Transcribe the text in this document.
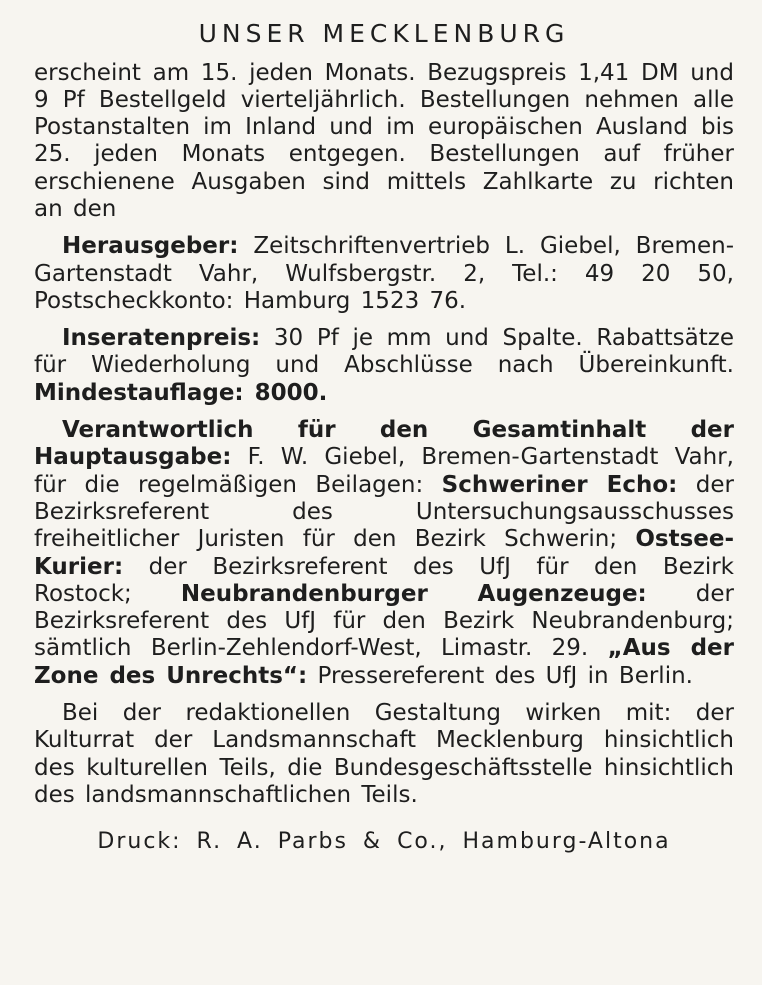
UNSER MECKLENBURG

erscheint am 15. jeden Monats. Bezugspreis 1,41 DM und 9 Pf Bestellgeld vierteljährlich. Bestellungen nehmen alle Postanstalten im Inland und im europäischen Ausland bis 25. jeden Monats entgegen. Bestellungen auf früher erschienene Ausgaben sind mittels Zahlkarte zu richten an den

Herausgeber: Zeitschriftenvertrieb L. Giebel, Bremen-Gartenstadt Vahr, Wulfsbergstr. 2, Tel.: 49 20 50, Postscheckkonto: Hamburg 1523 76.

Inseratenpreis: 30 Pf je mm und Spalte. Rabattsätze für Wiederholung und Abschlüsse nach Übereinkunft. Mindestauflage: 8000.

Verantwortlich für den Gesamtinhalt der Hauptausgabe: F. W. Giebel, Bremen-Gartenstadt Vahr, für die regelmäßigen Beilagen: Schweriner Echo: der Bezirksreferent des Untersuchungsausschusses freiheitlicher Juristen für den Bezirk Schwerin; Ostsee-Kurier: der Bezirksreferent des UfJ für den Bezirk Rostock; Neubrandenburger Augenzeuge: der Bezirksreferent des UfJ für den Bezirk Neubrandenburg; sämtlich Berlin-Zehlendorf-West, Limastr. 29. „Aus der Zone des Unrechts“: Pressereferent des UfJ in Berlin.

Bei der redaktionellen Gestaltung wirken mit: der Kulturrat der Landsmannschaft Mecklenburg hinsichtlich des kulturellen Teils, die Bundesgeschäftsstelle hinsichtlich des landsmannschaftlichen Teils.

Druck: R. A. Parbs & Co., Hamburg-Altona
